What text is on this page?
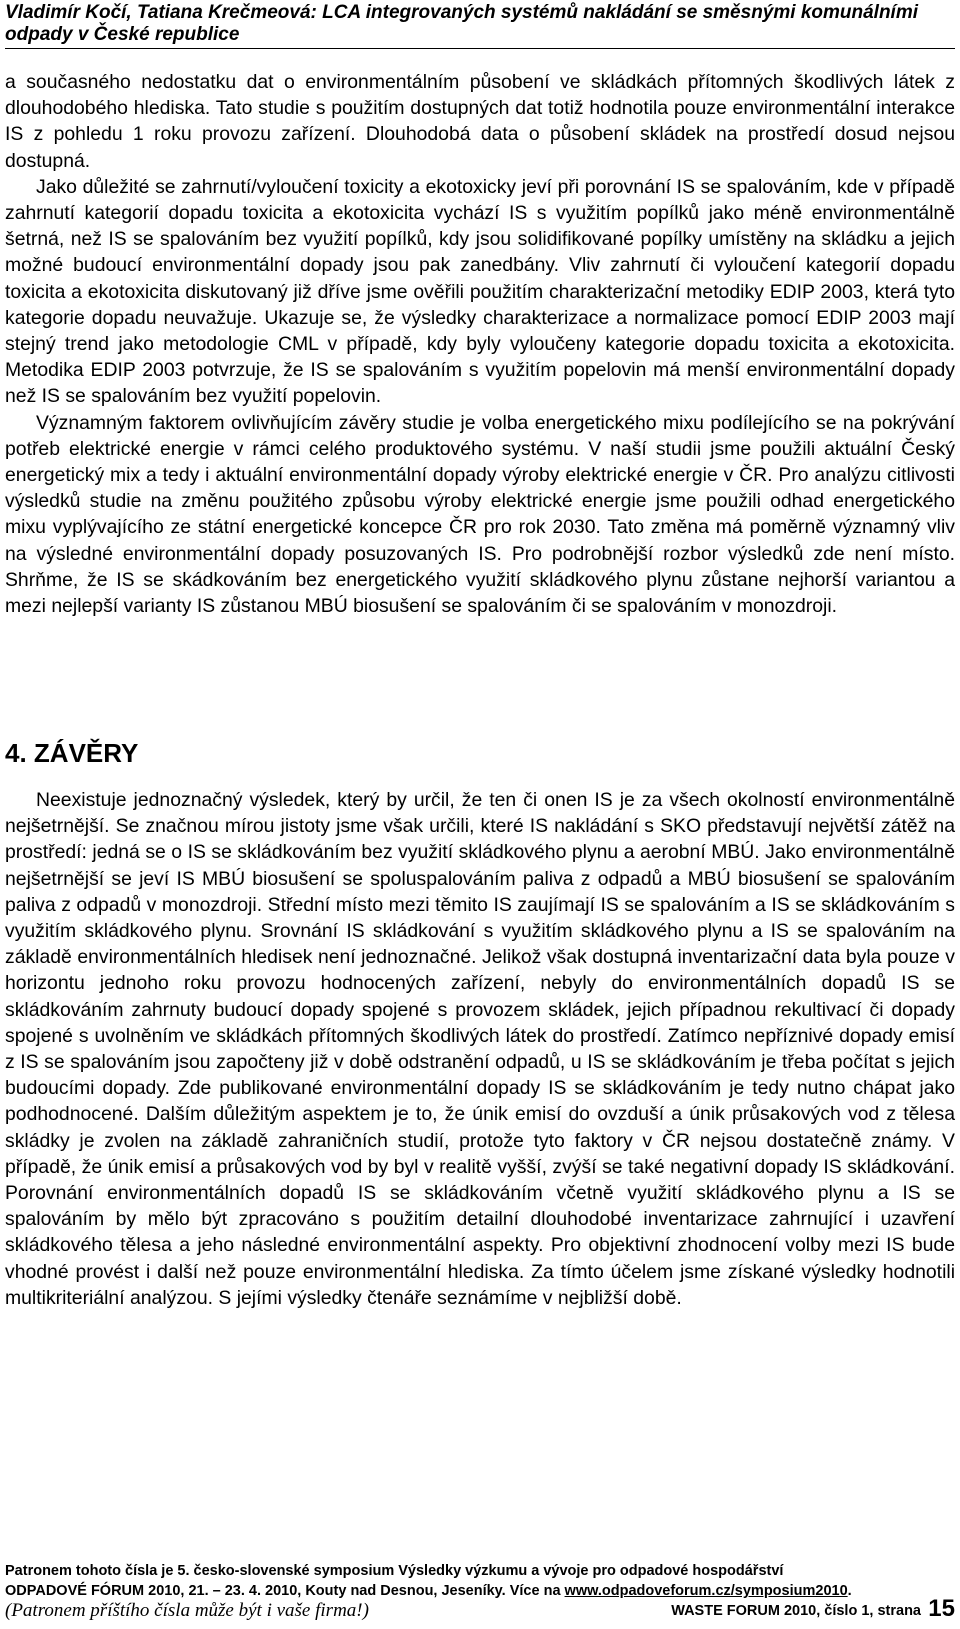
Vladimír Kočí, Tatiana Krečmeová: LCA integrovaných systémů nakládání se směsnými komunálními odpady v České republice

a současného nedostatku dat o environmentálním působení ve skládkách přítomných škodlivých látek z dlouhodobého hlediska. Tato studie s použitím dostupných dat totiž hodnotila pouze environmentální interakce IS z pohledu 1 roku provozu zařízení. Dlouhodobá data o působení skládek na prostředí dosud nejsou dostupná.

Jako důležité se zahrnutí/vyloučení toxicity a ekotoxicky jeví při porovnání IS se spalováním, kde v případě zahrnutí kategorií dopadu toxicita a ekotoxicita vychází IS s využitím popílků jako méně environmentálně šetrná, než IS se spalováním bez využití popílků, kdy jsou solidifikované popílky umístěny na skládku a jejich možné budoucí environmentální dopady jsou pak zanedbány. Vliv zahrnutí či vyloučení kategorií dopadu toxicita a ekotoxicita diskutovaný již dříve jsme ověřili použitím charakterizační metodiky EDIP 2003, která tyto kategorie dopadu neuvažuje. Ukazuje se, že výsledky charakterizace a normalizace pomocí EDIP 2003 mají stejný trend jako metodologie CML v případě, kdy byly vyloučeny kategorie dopadu toxicita a ekotoxicita. Metodika EDIP 2003 potvrzuje, že IS se spalováním s využitím popelovin má menší environmentální dopady než IS se spalováním bez využití popelovin.

Významným faktorem ovlivňujícím závěry studie je volba energetického mixu podílejícího se na pokrývání potřeb elektrické energie v rámci celého produktového systému. V naší studii jsme použili aktuální Český energetický mix a tedy i aktuální environmentální dopady výroby elektrické energie v ČR. Pro analýzu citlivosti výsledků studie na změnu použitého způsobu výroby elektrické energie jsme použili odhad energetického mixu vyplývajícího ze státní energetické koncepce ČR pro rok 2030. Tato změna má poměrně významný vliv na výsledné environmentální dopady posuzovaných IS. Pro podrobnější rozbor výsledků zde není místo. Shrňme, že IS se skádkováním bez energetického využití skládkového plynu zůstane nejhorší variantou a mezi nejlepší varianty IS zůstanou MBÚ biosušení se spalováním či se spalováním v monozdroji.

4. ZÁVĚRY

Neexistuje jednoznačný výsledek, který by určil, že ten či onen IS je za všech okolností environmentálně nejšetrnější. Se značnou mírou jistoty jsme však určili, které IS nakládání s SKO představují největší zátěž na prostředí: jedná se o IS se skládkováním bez využití skládkového plynu a aerobní MBÚ. Jako environmentálně nejšetrnější se jeví IS MBÚ biosušení se spoluspalováním paliva z odpadů a MBÚ biosušení se spalováním paliva z odpadů v monozdroji. Střední místo mezi těmito IS zaujímají IS se spalováním a IS se skládkováním s využitím skládkového plynu. Srovnání IS skládkování s využitím skládkového plynu a IS se spalováním na základě environmentálních hledisek není jednoznačné. Jelikož však dostupná inventarizační data byla pouze v horizontu jednoho roku provozu hodnocených zařízení, nebyly do environmentálních dopadů IS se skládkováním zahrnuty budoucí dopady spojené s provozem skládek, jejich případnou rekultivací či dopady spojené s uvolněním ve skládkách přítomných škodlivých látek do prostředí. Zatímco nepříznivé dopady emisí z IS se spalováním jsou započteny již v době odstranění odpadů, u IS se skládkováním je třeba počítat s jejich budoucími dopady. Zde publikované environmentální dopady IS se skládkováním je tedy nutno chápat jako podhodnocené. Dalším důležitým aspektem je to, že únik emisí do ovzduší a únik průsakových vod z tělesa skládky je zvolen na základě zahraničních studií, protože tyto faktory v ČR nejsou dostatečně známy. V případě, že únik emisí a průsakových vod by byl v realitě vyšší, zvýší se také negativní dopady IS skládkování. Porovnání environmentálních dopadů IS se skládkováním včetně využití skládkového plynu a IS se spalováním by mělo být zpracováno s použitím detailní dlouhodobé inventarizace zahrnující i uzavření skládkového tělesa a jeho následné environmentální aspekty. Pro objektivní zhodnocení volby mezi IS bude vhodné provést i další než pouze environmentální hlediska. Za tímto účelem jsme získané výsledky hodnotili multikriteriální analýzou. S jejími výsledky čtenáře seznámíme v nejbližší době.

Patronem tohoto čísla je 5. česko-slovenské symposium Výsledky výzkumu a vývoje pro odpadové hospodářství
ODPADOVÉ FÓRUM 2010, 21. – 23. 4. 2010, Kouty nad Desnou, Jeseníky. Více na www.odpadoveforum.cz/symposium2010.
(Patronem příštího čísla může být i vaše firma!)	WASTE FORUM 2010, číslo 1, strana 15
